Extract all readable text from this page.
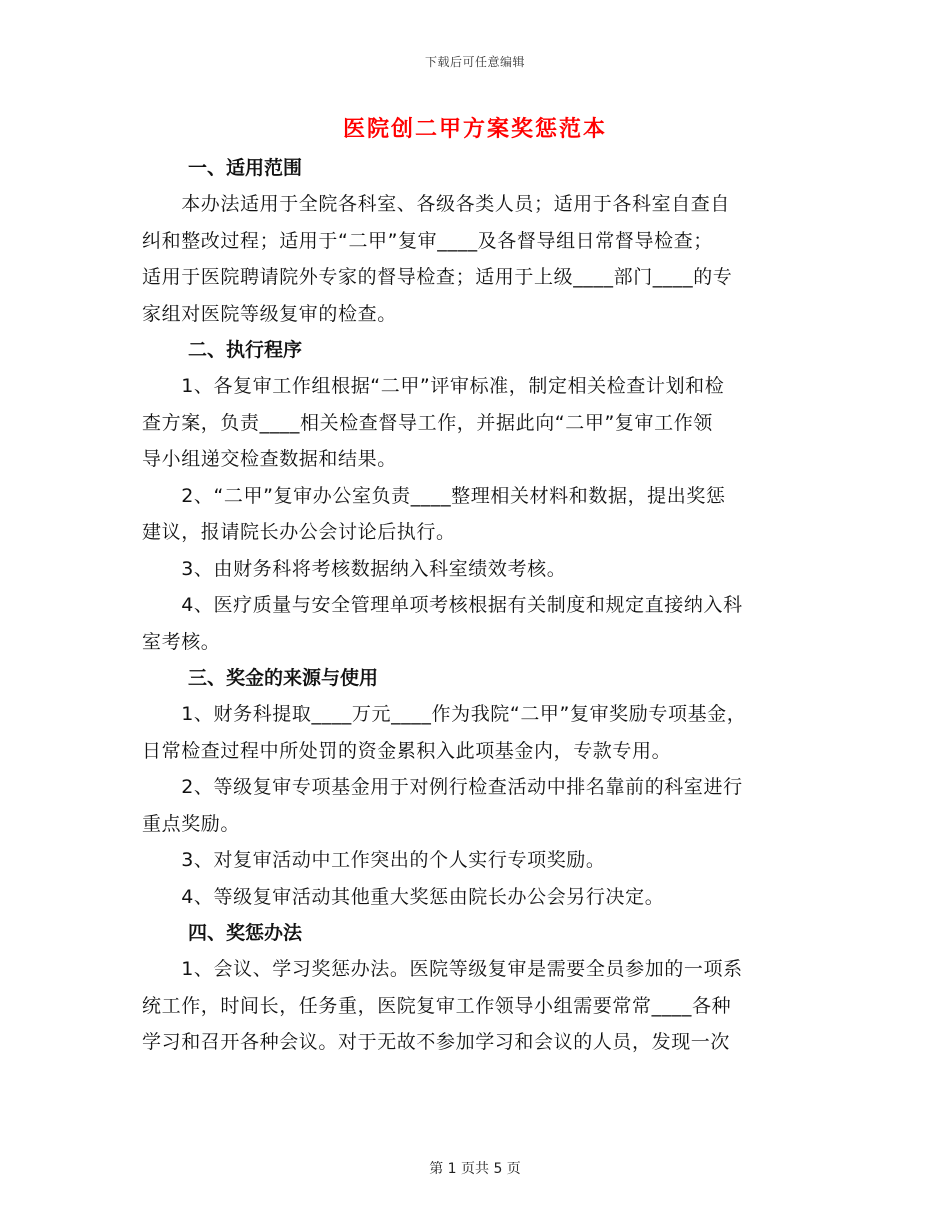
下载后可任意编辑
医院创二甲方案奖惩范本
一、适用范围

　　本办法适用于全院各科室、各级各类人员；适用于各科室自查自
纠和整改过程；适用于“二甲”复审____及各督导组日常督导检查；
适用于医院聘请院外专家的督导检查；适用于上级____部门____的专
家组对医院等级复审的检查。

二、执行程序

　　1、各复审工作组根据“二甲”评审标准，制定相关检查计划和检
查方案，负责____相关检查督导工作，并据此向“二甲”复审工作领
导小组递交检查数据和结果。

　　2、“二甲”复审办公室负责____整理相关材料和数据，提出奖惩
建议，报请院长办公会讨论后执行。

　　3、由财务科将考核数据纳入科室绩效考核。

　　4、医疗质量与安全管理单项考核根据有关制度和规定直接纳入科
室考核。

三、奖金的来源与使用

　　1、财务科提取____万元____作为我院“二甲”复审奖励专项基金，
日常检查过程中所处罚的资金累积入此项基金内，专款专用。

　　2、等级复审专项基金用于对例行检查活动中排名靠前的科室进行
重点奖励。

　　3、对复审活动中工作突出的个人实行专项奖励。

　　4、等级复审活动其他重大奖惩由院长办公会另行决定。

四、奖惩办法

　　1、会议、学习奖惩办法。医院等级复审是需要全员参加的一项系
统工作，时间长，任务重，医院复审工作领导小组需要常常____各种
学习和召开各种会议。对于无故不参加学习和会议的人员，发现一次

第 1 页共 5 页
